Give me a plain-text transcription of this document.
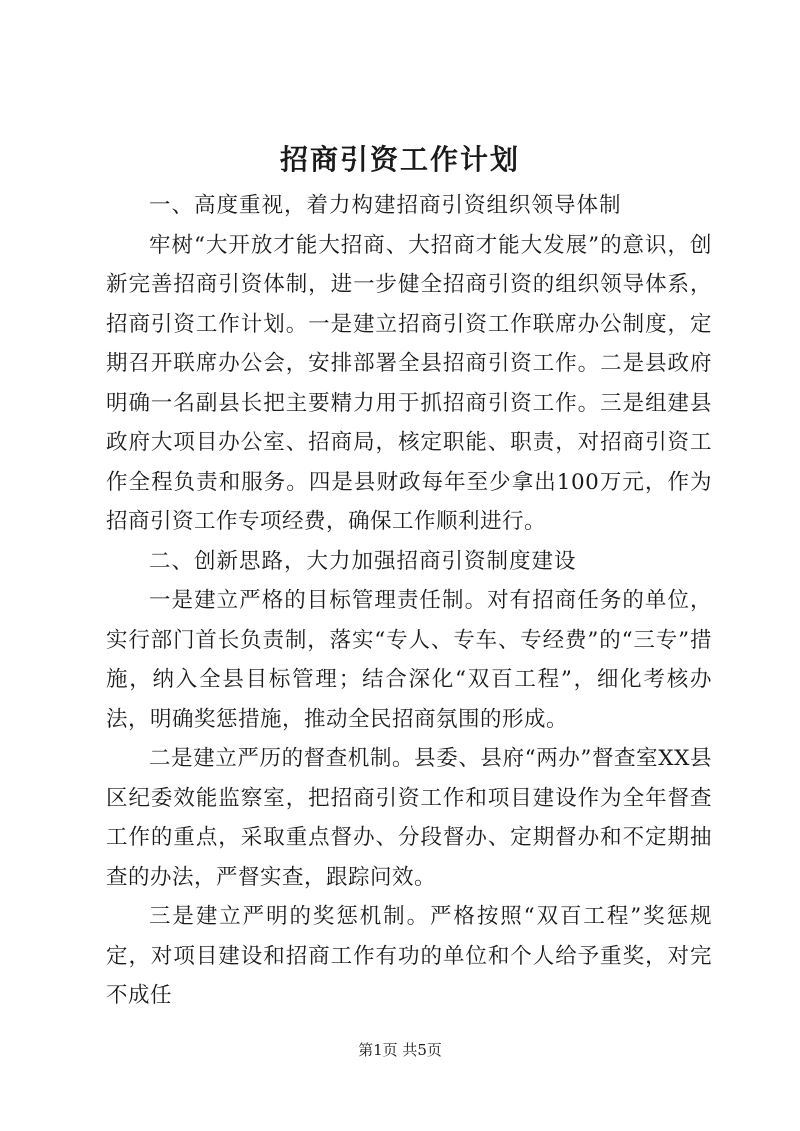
招商引资工作计划

一、高度重视，着力构建招商引资组织领导体制

牢树“大开放才能大招商、大招商才能大发展”的意识，创新完善招商引资体制，进一步健全招商引资的组织领导体系，招商引资工作计划。一是建立招商引资工作联席办公制度，定期召开联席办公会，安排部署全县招商引资工作。二是县政府明确一名副县长把主要精力用于抓招商引资工作。三是组建县政府大项目办公室、招商局，核定职能、职责，对招商引资工作全程负责和服务。四是县财政每年至少拿出100万元，作为招商引资工作专项经费，确保工作顺利进行。

二、创新思路，大力加强招商引资制度建设

一是建立严格的目标管理责任制。对有招商任务的单位，实行部门首长负责制，落实“专人、专车、专经费”的“三专”措施，纳入全县目标管理；结合深化“双百工程”，细化考核办法，明确奖惩措施，推动全民招商氛围的形成。

二是建立严历的督查机制。县委、县府“两办”督查室XX县区纪委效能监察室，把招商引资工作和项目建设作为全年督查工作的重点，采取重点督办、分段督办、定期督办和不定期抽查的办法，严督实查，跟踪问效。

三是建立严明的奖惩机制。严格按照“双百工程”奖惩规定，对项目建设和招商工作有功的单位和个人给予重奖，对完不成任

第1页 共5页
